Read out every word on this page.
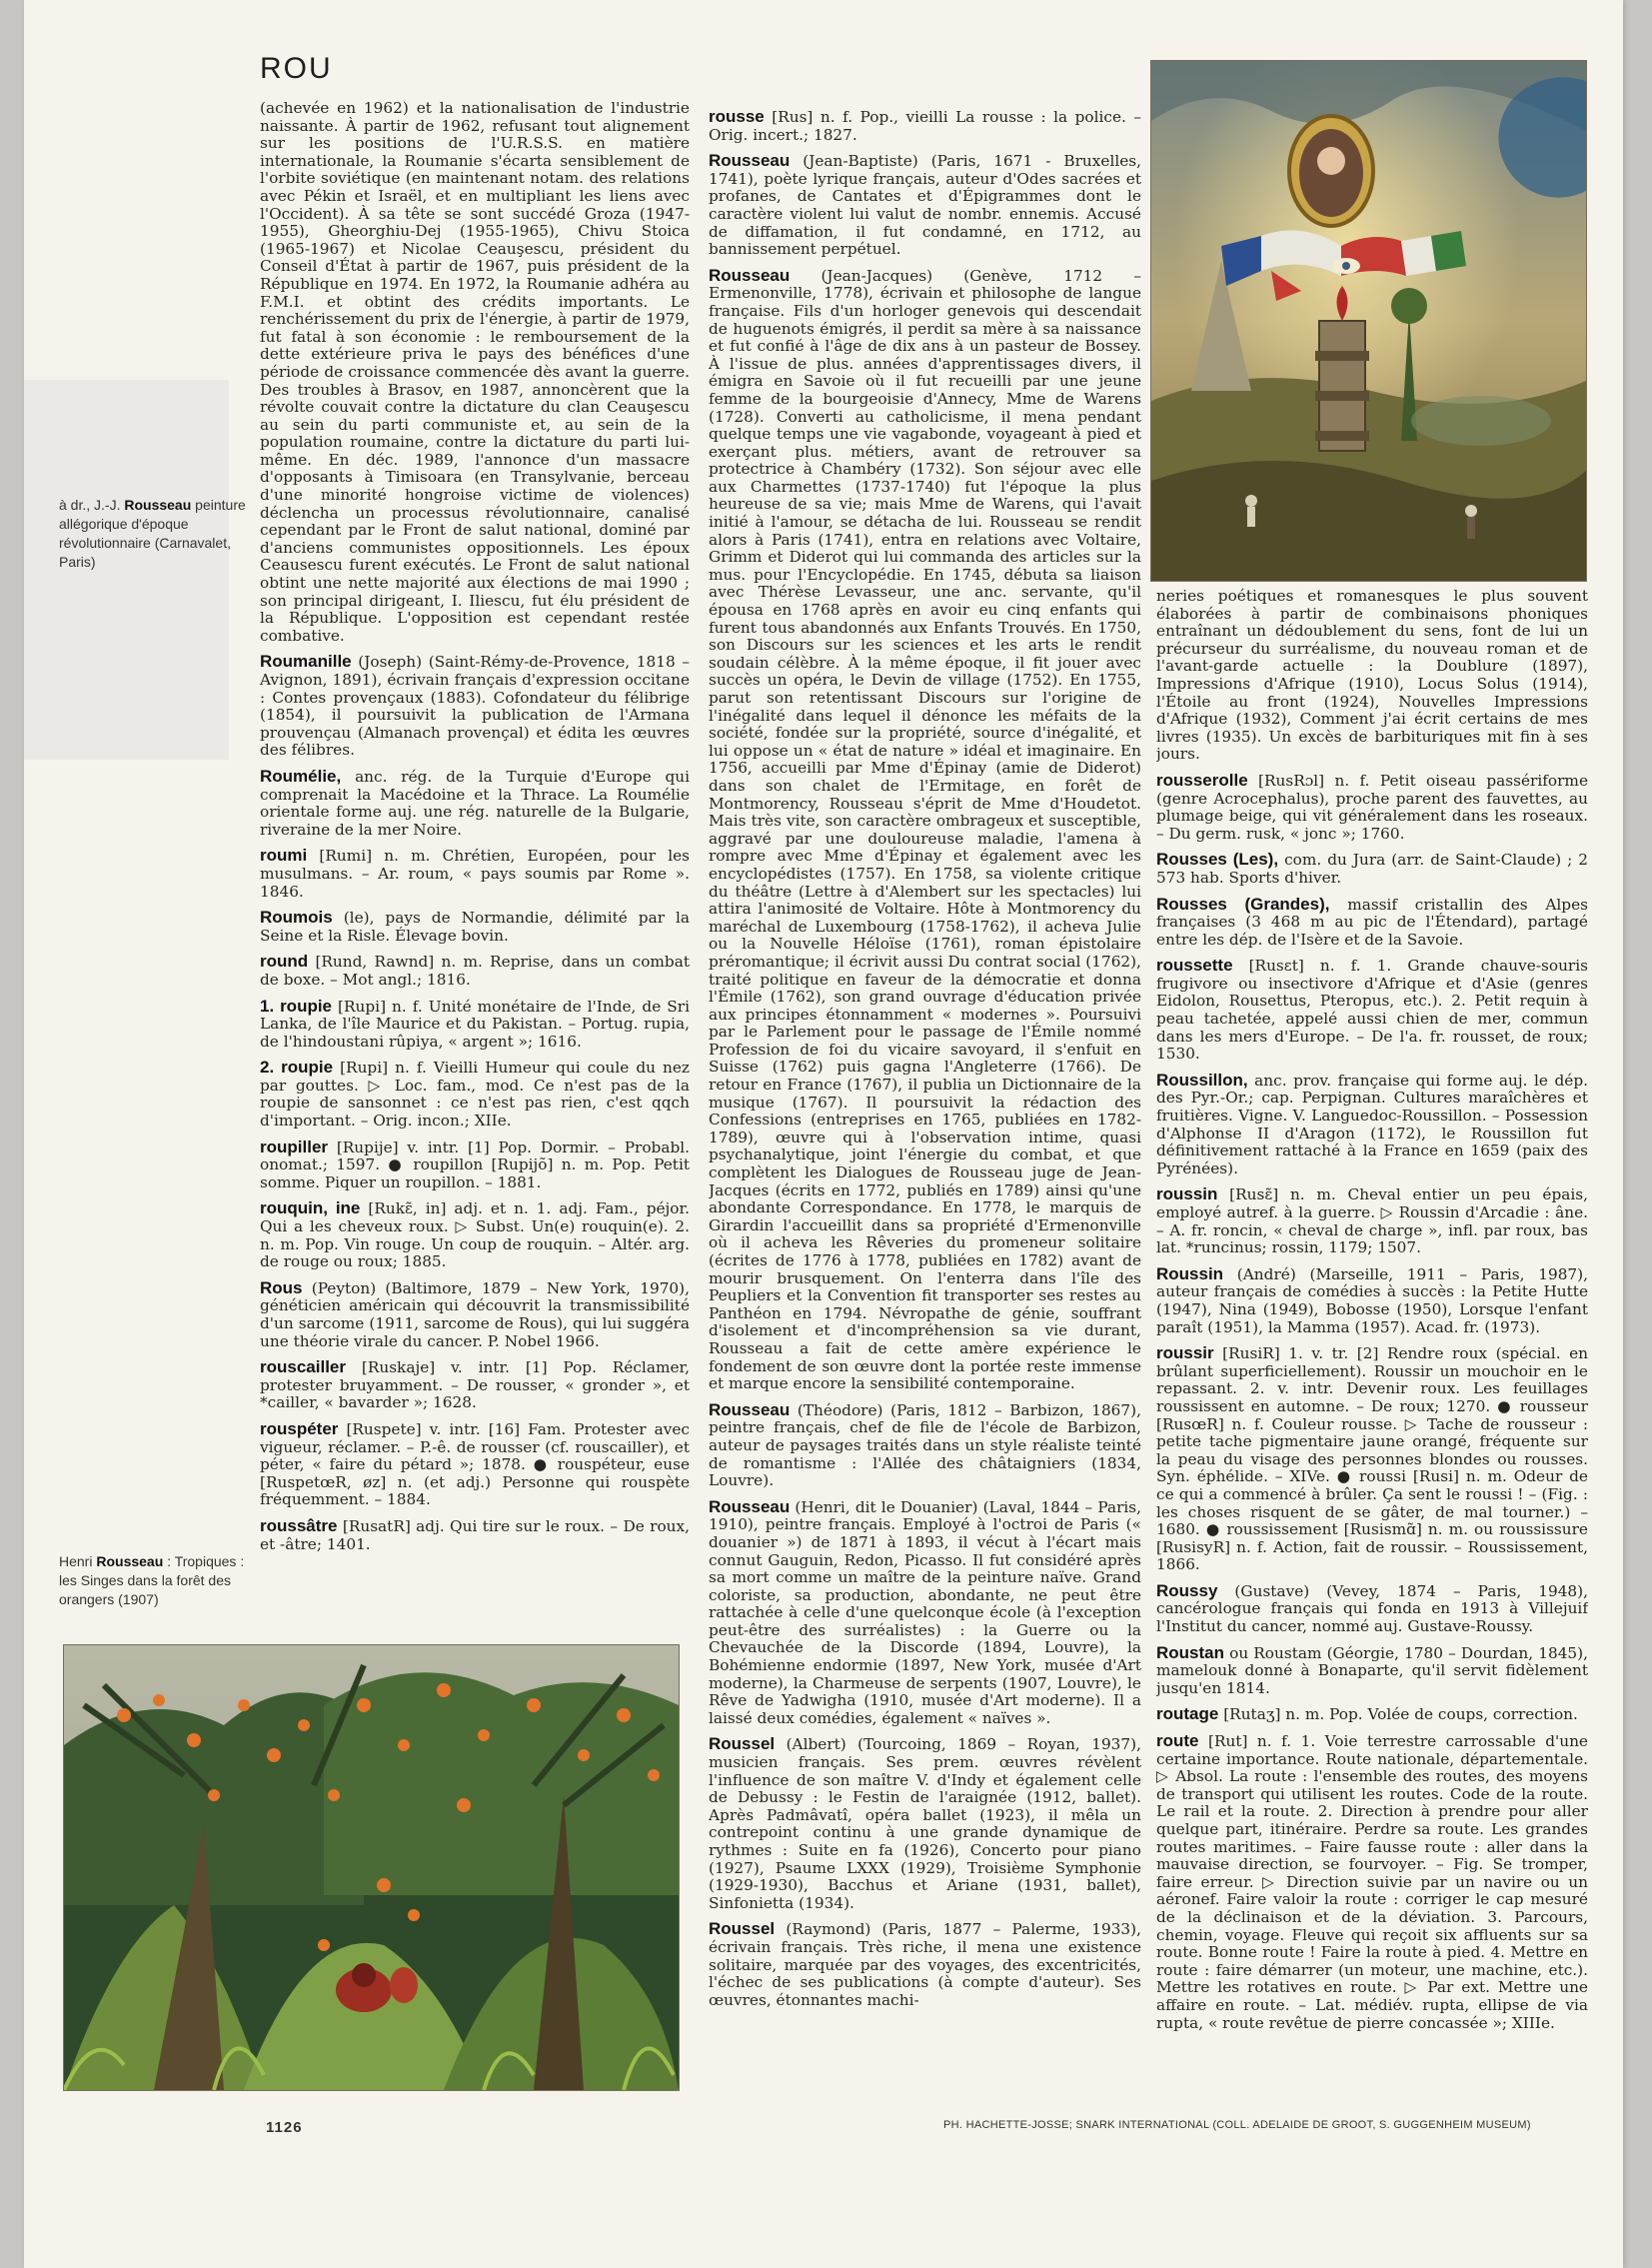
ROU
à dr., J.-J. Rousseau peinture allégorique d'époque révolutionnaire (Carnavalet, Paris)
Henri Rousseau : Tropiques : les Singes dans la forêt des orangers (1907)

(achevée en 1962) et la nationalisation de l'industrie naissante. À partir de 1962, refusant tout alignement sur les positions de l'U.R.S.S. en matière internationale, la Roumanie s'écarta sensiblement de l'orbite soviétique (en maintenant notam. des relations avec Pékin et Israël, et en multipliant les liens avec l'Occident). À sa tête se sont succédé Groza (1947-1955), Gheorghiu-Dej (1955-1965), Chivu Stoica (1965-1967) et Nicolae Ceauşescu, président du Conseil d'État à partir de 1967, puis président de la République en 1974. En 1972, la Roumanie adhéra au F.M.I. et obtint des crédits importants. Le renchérissement du prix de l'énergie, à partir de 1979, fut fatal à son économie : le remboursement de la dette extérieure priva le pays des bénéfices d'une période de croissance commencée dès avant la guerre. Des troubles à Brasov, en 1987, annoncèrent que la révolte couvait contre la dictature du clan Ceauşescu au sein du parti communiste et, au sein de la population roumaine, contre la dictature du parti lui-même. En déc. 1989, l'annonce d'un massacre d'opposants à Timisoara (en Transylvanie, berceau d'une minorité hongroise victime de violences) déclencha un processus révolutionnaire, canalisé cependant par le Front de salut national, dominé par d'anciens communistes oppositionnels. Les époux Ceausescu furent exécutés. Le Front de salut national obtint une nette majorité aux élections de mai 1990 ; son principal dirigeant, I. Iliescu, fut élu président de la République. L'opposition est cependant restée combative.

Roumanille (Joseph) (Saint-Rémy-de-Provence, 1818 – Avignon, 1891), écrivain français d'expression occitane : Contes provençaux (1883). Cofondateur du félibrige (1854), il poursuivit la publication de l'Armana prouvençau (Almanach provençal) et édita les œuvres des félibres.

Roumélie, anc. rég. de la Turquie d'Europe qui comprenait la Macédoine et la Thrace. La Roumélie orientale forme auj. une rég. naturelle de la Bulgarie, riveraine de la mer Noire.

roumi [Rumi] n. m. Chrétien, Européen, pour les musulmans. – Ar. roum, « pays soumis par Rome ». 1846.

Roumois (le), pays de Normandie, délimité par la Seine et la Risle. Élevage bovin.

round [Rund, Rawnd] n. m. Reprise, dans un combat de boxe. – Mot angl.; 1816.

1. roupie [Rupi] n. f. Unité monétaire de l'Inde, de Sri Lanka, de l'île Maurice et du Pakistan. – Portug. rupia, de l'hindoustani rûpiya, « argent »; 1616.

2. roupie [Rupi] n. f. Vieilli Humeur qui coule du nez par gouttes. ▷ Loc. fam., mod. Ce n'est pas de la roupie de sansonnet : ce n'est pas rien, c'est qqch d'important. – Orig. incon.; XIIe.

roupiller [Rupije] v. intr. [1] Pop. Dormir. – Probabl. onomat.; 1597. ● roupillon [Rupijõ] n. m. Pop. Petit somme. Piquer un roupillon. – 1881.

rouquin, ine [Rukɛ̃, in] adj. et n. 1. adj. Fam., péjor. Qui a les cheveux roux. ▷ Subst. Un(e) rouquin(e). 2. n. m. Pop. Vin rouge. Un coup de rouquin. – Altér. arg. de rouge ou roux; 1885.

Rous (Peyton) (Baltimore, 1879 – New York, 1970), généticien américain qui découvrit la transmissibilité d'un sarcome (1911, sarcome de Rous), qui lui suggéra une théorie virale du cancer. P. Nobel 1966.

rouscailler [Ruskaje] v. intr. [1] Pop. Réclamer, protester bruyamment. – De rousser, « gronder », et *cailler, « bavarder »; 1628.

rouspéter [Ruspete] v. intr. [16] Fam. Protester avec vigueur, réclamer. – P.-ê. de rousser (cf. rouscailler), et péter, « faire du pétard »; 1878. ● rouspéteur, euse [RuspetœR, øz] n. (et adj.) Personne qui rouspète fréquemment. – 1884.

roussâtre [RusatR] adj. Qui tire sur le roux. – De roux, et -âtre; 1401.

rousse [Rus] n. f. Pop., vieilli La rousse : la police. – Orig. incert.; 1827.

Rousseau (Jean-Baptiste) (Paris, 1671 - Bruxelles, 1741), poète lyrique français, auteur d'Odes sacrées et profanes, de Cantates et d'Épigrammes dont le caractère violent lui valut de nombr. ennemis. Accusé de diffamation, il fut condamné, en 1712, au bannissement perpétuel.

Rousseau (Jean-Jacques) (Genève, 1712 – Ermenonville, 1778), écrivain et philosophe de langue française. Fils d'un horloger genevois qui descendait de huguenots émigrés, il perdit sa mère à sa naissance et fut confié à l'âge de dix ans à un pasteur de Bossey. À l'issue de plus. années d'apprentissages divers, il émigra en Savoie où il fut recueilli par une jeune femme de la bourgeoisie d'Annecy, Mme de Warens (1728). Converti au catholicisme, il mena pendant quelque temps une vie vagabonde, voyageant à pied et exerçant plus. métiers, avant de retrouver sa protectrice à Chambéry (1732). Son séjour avec elle aux Charmettes (1737-1740) fut l'époque la plus heureuse de sa vie; mais Mme de Warens, qui l'avait initié à l'amour, se détacha de lui. Rousseau se rendit alors à Paris (1741), entra en relations avec Voltaire, Grimm et Diderot qui lui commanda des articles sur la mus. pour l'Encyclopédie. En 1745, débuta sa liaison avec Thérèse Levasseur, une anc. servante, qu'il épousa en 1768 après en avoir eu cinq enfants qui furent tous abandonnés aux Enfants Trouvés. En 1750, son Discours sur les sciences et les arts le rendit soudain célèbre. À la même époque, il fit jouer avec succès un opéra, le Devin de village (1752). En 1755, parut son retentissant Discours sur l'origine de l'inégalité dans lequel il dénonce les méfaits de la société, fondée sur la propriété, source d'inégalité, et lui oppose un « état de nature » idéal et imaginaire. En 1756, accueilli par Mme d'Épinay (amie de Diderot) dans son chalet de l'Ermitage, en forêt de Montmorency, Rousseau s'éprit de Mme d'Houdetot. Mais très vite, son caractère ombrageux et susceptible, aggravé par une douloureuse maladie, l'amena à rompre avec Mme d'Épinay et également avec les encyclopédistes (1757). En 1758, sa violente critique du théâtre (Lettre à d'Alembert sur les spectacles) lui attira l'animosité de Voltaire. Hôte à Montmorency du maréchal de Luxembourg (1758-1762), il acheva Julie ou la Nouvelle Héloïse (1761), roman épistolaire préromantique; il écrivit aussi Du contrat social (1762), traité politique en faveur de la démocratie et donna l'Émile (1762), son grand ouvrage d'éducation privée aux principes étonnamment « modernes ». Poursuivi par le Parlement pour le passage de l'Émile nommé Profession de foi du vicaire savoyard, il s'enfuit en Suisse (1762) puis gagna l'Angleterre (1766). De retour en France (1767), il publia un Dictionnaire de la musique (1767). Il poursuivit la rédaction des Confessions (entreprises en 1765, publiées en 1782-1789), œuvre qui à l'observation intime, quasi psychanalytique, joint l'énergie du combat, et que complètent les Dialogues de Rousseau juge de Jean-Jacques (écrits en 1772, publiés en 1789) ainsi qu'une abondante Correspondance. En 1778, le marquis de Girardin l'accueillit dans sa propriété d'Ermenonville où il acheva les Rêveries du promeneur solitaire (écrites de 1776 à 1778, publiées en 1782) avant de mourir brusquement. On l'enterra dans l'île des Peupliers et la Convention fit transporter ses restes au Panthéon en 1794. Névropathe de génie, souffrant d'isolement et d'incompréhension sa vie durant, Rousseau a fait de cette amère expérience le fondement de son œuvre dont la portée reste immense et marque encore la sensibilité contemporaine.

Rousseau (Théodore) (Paris, 1812 – Barbizon, 1867), peintre français, chef de file de l'école de Barbizon, auteur de paysages traités dans un style réaliste teinté de romantisme : l'Allée des châtaigniers (1834, Louvre).

Rousseau (Henri, dit le Douanier) (Laval, 1844 – Paris, 1910), peintre français. Employé à l'octroi de Paris (« douanier ») de 1871 à 1893, il vécut à l'écart mais connut Gauguin, Redon, Picasso. Il fut considéré après sa mort comme un maître de la peinture naïve. Grand coloriste, sa production, abondante, ne peut être rattachée à celle d'une quelconque école (à l'exception peut-être des surréalistes) : la Guerre ou la Chevauchée de la Discorde (1894, Louvre), la Bohémienne endormie (1897, New York, musée d'Art moderne), la Charmeuse de serpents (1907, Louvre), le Rêve de Yadwigha (1910, musée d'Art moderne). Il a laissé deux comédies, également « naïves ».

Roussel (Albert) (Tourcoing, 1869 – Royan, 1937), musicien français. Ses prem. œuvres révèlent l'influence de son maître V. d'Indy et également celle de Debussy : le Festin de l'araignée (1912, ballet). Après Padmâvatî, opéra ballet (1923), il mêla un contrepoint continu à une grande dynamique de rythmes : Suite en fa (1926), Concerto pour piano (1927), Psaume LXXX (1929), Troisième Symphonie (1929-1930), Bacchus et Ariane (1931, ballet), Sinfonietta (1934).

Roussel (Raymond) (Paris, 1877 – Palerme, 1933), écrivain français. Très riche, il mena une existence solitaire, marquée par des voyages, des excentricités, l'échec de ses publications (à compte d'auteur). Ses œuvres, étonnantes machi-

neries poétiques et romanesques le plus souvent élaborées à partir de combinaisons phoniques entraînant un dédoublement du sens, font de lui un précurseur du surréalisme, du nouveau roman et de l'avant-garde actuelle : la Doublure (1897), Impressions d'Afrique (1910), Locus Solus (1914), l'Étoile au front (1924), Nouvelles Impressions d'Afrique (1932), Comment j'ai écrit certains de mes livres (1935). Un excès de barbituriques mit fin à ses jours.

rousserolle [RusRɔl] n. f. Petit oiseau passériforme (genre Acrocephalus), proche parent des fauvettes, au plumage beige, qui vit généralement dans les roseaux. – Du germ. rusk, « jonc »; 1760.

Rousses (Les), com. du Jura (arr. de Saint-Claude) ; 2 573 hab. Sports d'hiver.

Rousses (Grandes), massif cristallin des Alpes françaises (3 468 m au pic de l'Étendard), partagé entre les dép. de l'Isère et de la Savoie.

roussette [Rusɛt] n. f. 1. Grande chauve-souris frugivore ou insectivore d'Afrique et d'Asie (genres Eidolon, Rousettus, Pteropus, etc.). 2. Petit requin à peau tachetée, appelé aussi chien de mer, commun dans les mers d'Europe. – De l'a. fr. rousset, de roux; 1530.

Roussillon, anc. prov. française qui forme auj. le dép. des Pyr.-Or.; cap. Perpignan. Cultures maraîchères et fruitières. Vigne. V. Languedoc-Roussillon. – Possession d'Alphonse II d'Aragon (1172), le Roussillon fut définitivement rattaché à la France en 1659 (paix des Pyrénées).

roussin [Rusɛ̃] n. m. Cheval entier un peu épais, employé autref. à la guerre. ▷ Roussin d'Arcadie : âne. – A. fr. roncin, « cheval de charge », infl. par roux, bas lat. *runcinus; rossin, 1179; 1507.

Roussin (André) (Marseille, 1911 – Paris, 1987), auteur français de comédies à succès : la Petite Hutte (1947), Nina (1949), Bobosse (1950), Lorsque l'enfant paraît (1951), la Mamma (1957). Acad. fr. (1973).

roussir [RusiR] 1. v. tr. [2] Rendre roux (spécial. en brûlant superficiellement). Roussir un mouchoir en le repassant. 2. v. intr. Devenir roux. Les feuillages roussissent en automne. – De roux; 1270. ● rousseur [RusœR] n. f. Couleur rousse. ▷ Tache de rousseur : petite tache pigmentaire jaune orangé, fréquente sur la peau du visage des personnes blondes ou rousses. Syn. éphélide. – XIVe. ● roussi [Rusi] n. m. Odeur de ce qui a commencé à brûler. Ça sent le roussi ! – (Fig. : les choses risquent de se gâter, de mal tourner.) – 1680. ● roussissement [Rusismɑ̃] n. m. ou roussissure [RusisyR] n. f. Action, fait de roussir. – Roussissement, 1866.

Roussy (Gustave) (Vevey, 1874 – Paris, 1948), cancérologue français qui fonda en 1913 à Villejuif l'Institut du cancer, nommé auj. Gustave-Roussy.

Roustan ou Roustam (Géorgie, 1780 – Dourdan, 1845), mamelouk donné à Bonaparte, qu'il servit fidèlement jusqu'en 1814.

routage [Rutaʒ] n. m. Pop. Volée de coups, correction.

route [Rut] n. f. 1. Voie terrestre carrossable d'une certaine importance. Route nationale, départementale. ▷ Absol. La route : l'ensemble des routes, des moyens de transport qui utilisent les routes. Code de la route. Le rail et la route. 2. Direction à prendre pour aller quelque part, itinéraire. Perdre sa route. Les grandes routes maritimes. – Faire fausse route : aller dans la mauvaise direction, se fourvoyer. – Fig. Se tromper, faire erreur. ▷ Direction suivie par un navire ou un aéronef. Faire valoir la route : corriger le cap mesuré de la déclinaison et de la déviation. 3. Parcours, chemin, voyage. Fleuve qui reçoit six affluents sur sa route. Bonne route ! Faire la route à pied. 4. Mettre en route : faire démarrer (un moteur, une machine, etc.). Mettre les rotatives en route. ▷ Par ext. Mettre une affaire en route. – Lat. médiév. rupta, ellipse de via rupta, « route revêtue de pierre concassée »; XIIIe.

1126	PH. HACHETTE-JOSSE; SNARK INTERNATIONAL (COLL. ADELAIDE DE GROOT, S. GUGGENHEIM MUSEUM)
